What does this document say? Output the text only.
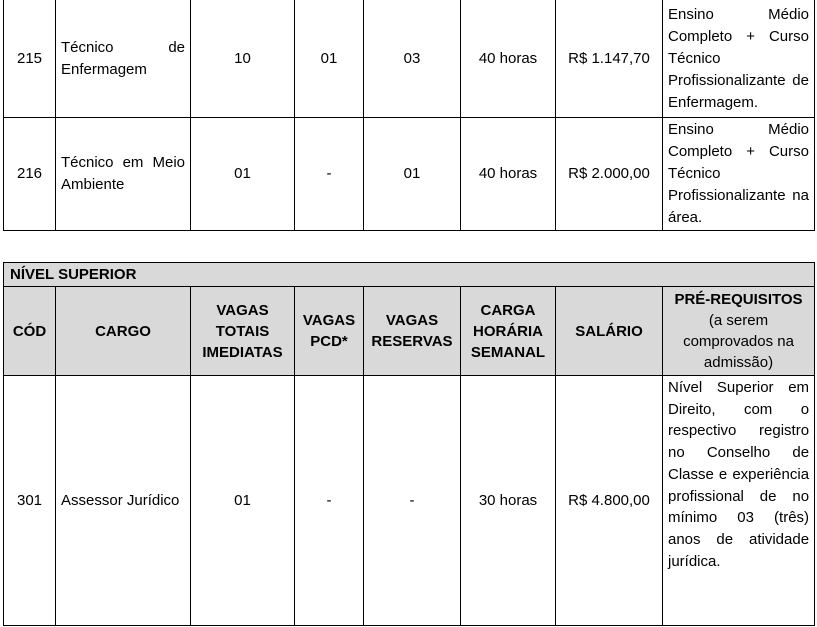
215	Técnico de Enfermagem	10	01	03	40 horas	R$ 1.147,70	Ensino Médio Completo + Curso Técnico Profissionalizante de Enfermagem.
216	Técnico em Meio Ambiente	01	-	01	40 horas	R$ 2.000,00	Ensino Médio Completo + Curso Técnico Profissionalizante na área.
NÍVEL SUPERIOR							
CÓD	CARGO	VAGAS TOTAIS IMEDIATAS	VAGAS PCD*	VAGAS RESERVAS	CARGA HORÁRIA SEMANAL	SALÁRIO	PRÉ-REQUISITOS
(a serem comprovados na admissão)
301	Assessor Jurídico	01	-	-	30 horas	R$ 4.800,00	Nível Superior em Direito, com o respectivo registro no Conselho de Classe e experiência profissional de no mínimo 03 (três) anos de atividade jurídica.
